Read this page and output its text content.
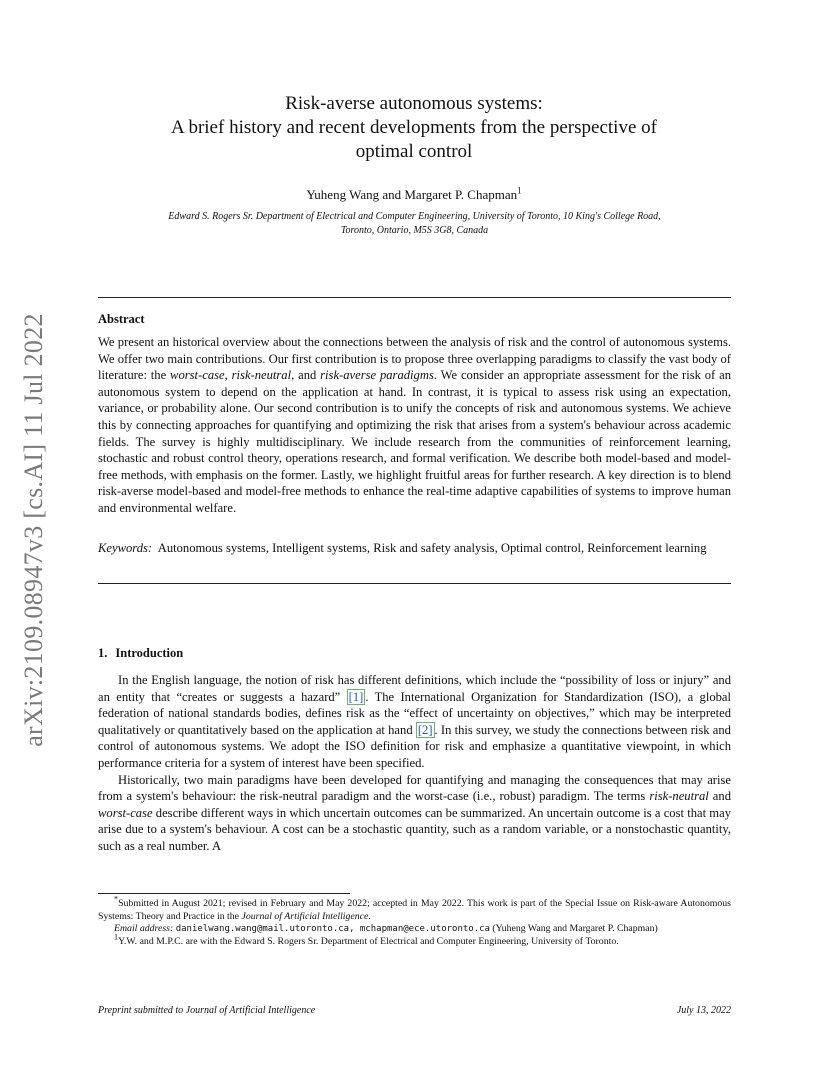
arXiv:2109.08947v3 [cs.AI] 11 Jul 2022
Risk-averse autonomous systems:
A brief history and recent developments from the perspective of
optimal control
Yuheng Wang and Margaret P. Chapman$^1$
Edward S. Rogers Sr. Department of Electrical and Computer Engineering, University of Toronto, 10 King's College Road,
Toronto, Ontario, M5S 3G8, Canada
Abstract
We present an historical overview about the connections between the analysis of risk and the control of autonomous systems. We offer two main contributions. Our first contribution is to propose three overlapping paradigms to classify the vast body of literature: the worst-case, risk-neutral, and risk-averse paradigms. We consider an appropriate assessment for the risk of an autonomous system to depend on the application at hand. In contrast, it is typical to assess risk using an expectation, variance, or probability alone. Our second contribution is to unify the concepts of risk and autonomous systems. We achieve this by connecting approaches for quantifying and optimizing the risk that arises from a system's behaviour across academic fields. The survey is highly multidisciplinary. We include research from the communities of reinforcement learning, stochastic and robust control theory, operations research, and formal verification. We describe both model-based and model-free methods, with emphasis on the former. Lastly, we highlight fruitful areas for further research. A key direction is to blend risk-averse model-based and model-free methods to enhance the real-time adaptive capabilities of systems to improve human and environmental welfare.
Keywords: Autonomous systems, Intelligent systems, Risk and safety analysis, Optimal control, Reinforcement learning
1. Introduction

In the English language, the notion of risk has different definitions, which include the “possibility of loss or injury” and an entity that “creates or suggests a hazard” [1] . The International Organization for Standardization (ISO), a global federation of national standards bodies, defines risk as the “effect of uncertainty on objectives,” which may be interpreted qualitatively or quantitatively based on the application at hand [2] . In this survey, we study the connections between risk and control of autonomous systems. We adopt the ISO definition for risk and emphasize a quantitative viewpoint, in which performance criteria for a system of interest have been specified.

Historically, two main paradigms have been developed for quantifying and managing the consequences that may arise from a system's behaviour: the risk-neutral paradigm and the worst-case (i.e., robust) paradigm. The terms risk-neutral and worst-case describe different ways in which uncertain outcomes can be summarized. An uncertain outcome is a cost that may arise due to a system's behaviour. A cost can be a stochastic quantity, such as a random variable, or a nonstochastic quantity, such as a real number. A

*Submitted in August 2021; revised in February and May 2022; accepted in May 2022. This work is part of the Special Issue on Risk-aware Autonomous Systems: Theory and Practice in the Journal of Artificial Intelligence.

Email address: danielwang.wang@mail.utoronto.ca, mchapman@ece.utoronto.ca (Yuheng Wang and Margaret P. Chapman)

$^1$Y.W. and M.P.C. are with the Edward S. Rogers Sr. Department of Electrical and Computer Engineering, University of Toronto.

Preprint submitted to Journal of Artificial Intelligence	July 13, 2022
